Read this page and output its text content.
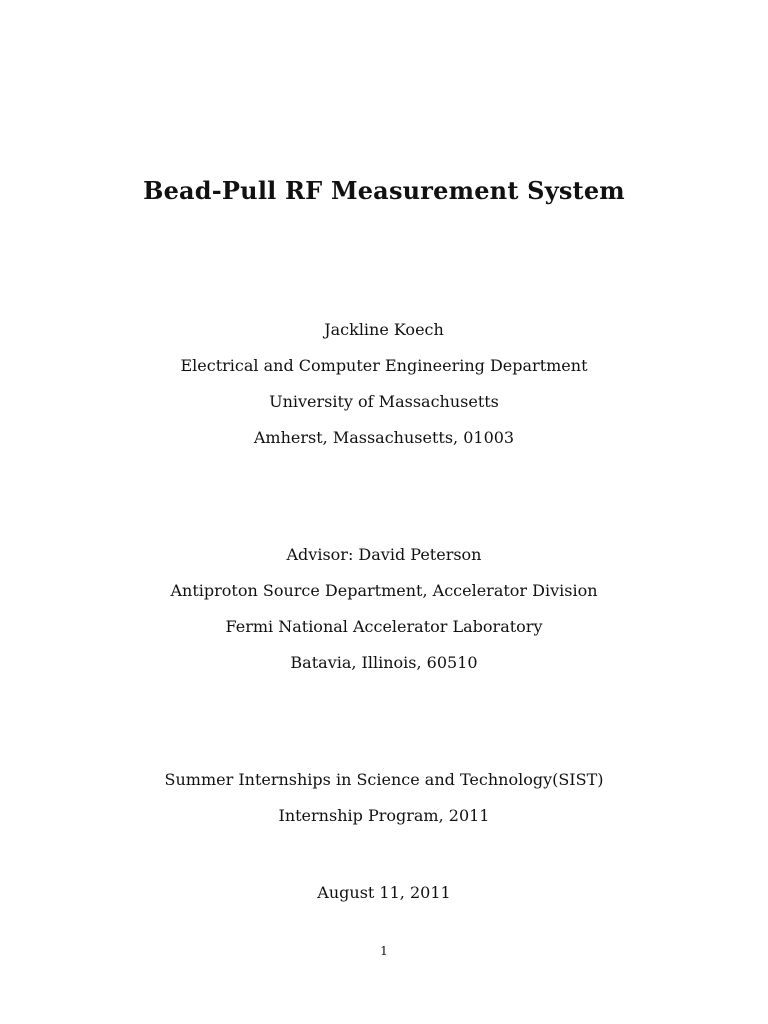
Bead-Pull RF Measurement System
Jackline Koech
Electrical and Computer Engineering Department
University of Massachusetts
Amherst, Massachusetts, 01003
Advisor: David Peterson
Antiproton Source Department, Accelerator Division
Fermi National Accelerator Laboratory
Batavia, Illinois, 60510
Summer Internships in Science and Technology(SIST)
Internship Program, 2011
August 11, 2011
1
